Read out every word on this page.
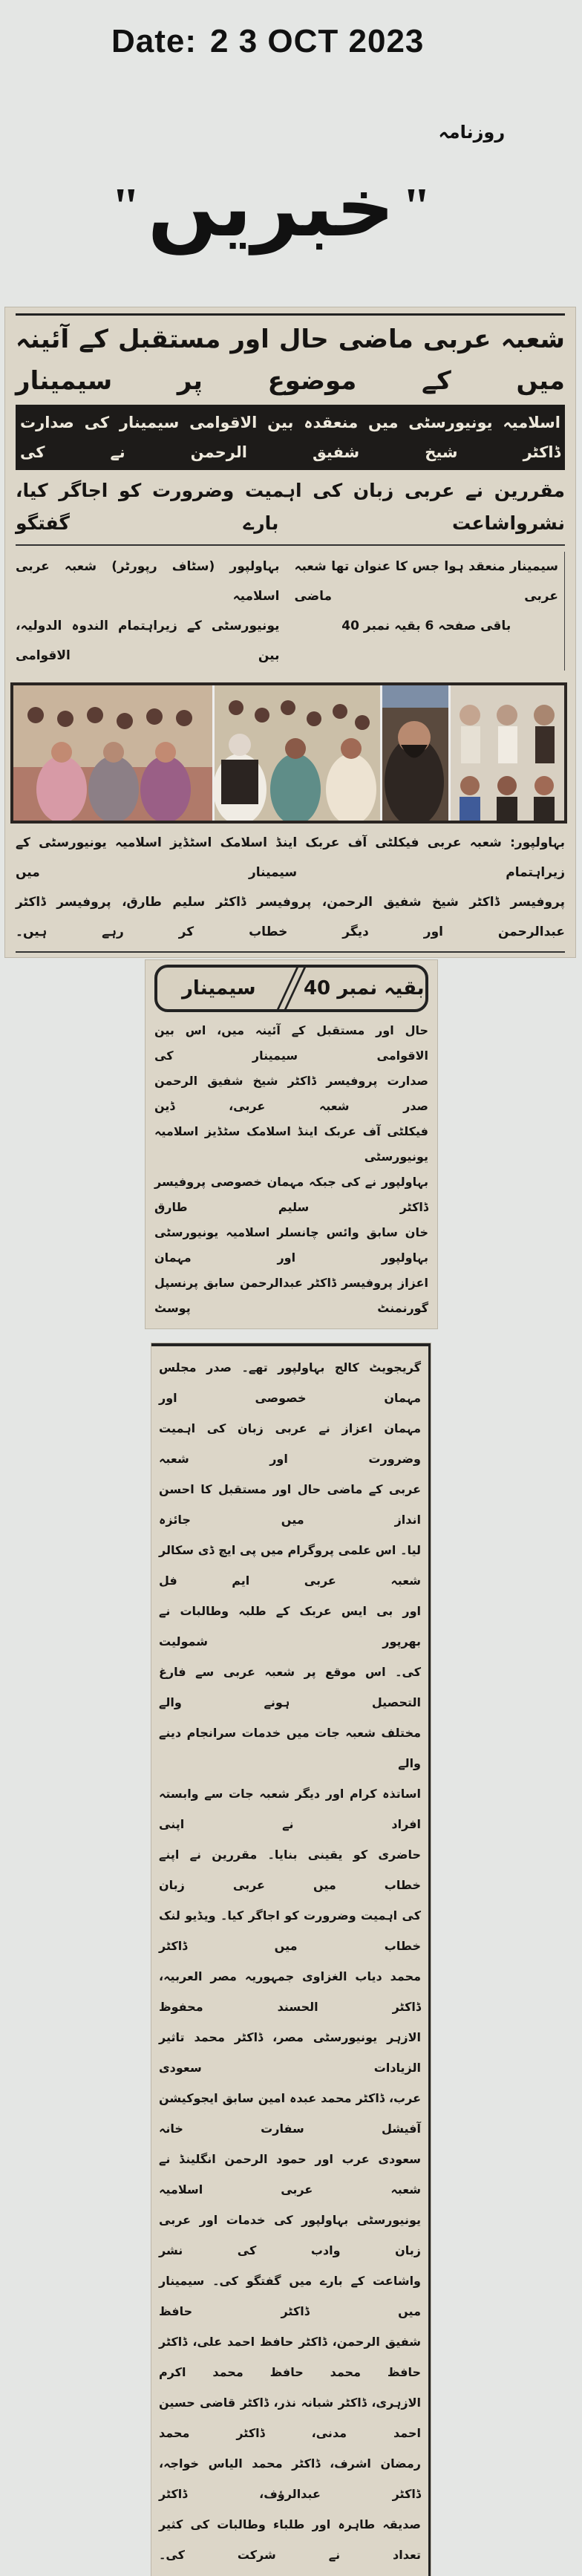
Date: 2 3 OCT 2023
" خبریں "
روزنامہ
شعبہ عربی ماضی حال اور مستقبل کے آئینہ میں کے موضوع پر سیمینار
اسلامیہ یونیورسٹی میں منعقدہ بین الاقوامی سیمینار کی صدارت ڈاکٹر شیخ شفیق الرحمن نے کی
مقررین نے عربی زبان کی اہمیت وضرورت کو اجاگر کیا، نشرواشاعت بارے گفتگو
بہاولپور (سٹاف رپورٹر) شعبہ عربی اسلامیہ
یونیورسٹی کے زیراہتمام الندوہ الدولیہ، بین الاقوامی
سیمینار منعقد ہوا جس کا عنوان تھا شعبہ عربی ماضی
باقی صفحہ 6 بقیہ نمبر 40
بہاولپور: شعبہ عربی فیکلٹی آف عربک اینڈ اسلامک اسٹڈیز اسلامیہ یونیورسٹی کے زیراہتمام سیمینار میں
پروفیسر ڈاکٹر شیخ شفیق الرحمن، پروفیسر ڈاکٹر سلیم طارق، پروفیسر ڈاکٹر عبدالرحمن اور دیگر خطاب کر رہے ہیں۔
بقیہ نمبر 40
سیمینار
حال اور مستقبل کے آئینہ میں، اس بین الاقوامی سیمینار کی
صدارت پروفیسر ڈاکٹر شیخ شفیق الرحمن صدر شعبہ عربی، ڈین
فیکلٹی آف عربک اینڈ اسلامک سٹڈیز اسلامیہ یونیورسٹی
بہاولپور نے کی جبکہ مہمان خصوصی پروفیسر ڈاکٹر سلیم طارق
خان سابق وائس چانسلر اسلامیہ یونیورسٹی بہاولپور اور مہمان
اعزاز پروفیسر ڈاکٹر عبدالرحمن سابق پرنسپل گورنمنٹ پوسٹ
گریجویٹ کالج بہاولپور تھے۔ صدر مجلس مہمان خصوصی اور
مہمان اعزاز نے عربی زبان کی اہمیت وضرورت اور شعبہ
عربی کے ماضی حال اور مستقبل کا احسن انداز میں جائزہ
لیا۔ اس علمی پروگرام میں پی ایچ ڈی سکالر شعبہ عربی ایم فل
اور بی ایس عربک کے طلبہ وطالبات نے بھرپور شمولیت
کی۔ اس موقع پر شعبہ عربی سے فارغ التحصیل ہونے والے
مختلف شعبہ جات میں خدمات سرانجام دینے والے
اساتذہ کرام اور دیگر شعبہ جات سے وابستہ افراد نے اپنی
حاضری کو یقینی بنایا۔ مقررین نے اپنے خطاب میں عربی زبان
کی اہمیت وضرورت کو اجاگر کیا۔ ویڈیو لنک خطاب میں ڈاکٹر
محمد دیاب الغزاوی جمہوریہ مصر العربیہ، ڈاکٹر الحسند محفوظ
الازہر یونیورسٹی مصر، ڈاکٹر محمد تاثیر الزیادات سعودی
عرب، ڈاکٹر محمد عبدہ امین سابق ایجوکیشن آفیشل سفارت خانہ
سعودی عرب اور حمود الرحمن انگلینڈ نے شعبہ عربی اسلامیہ
یونیورسٹی بہاولپور کی خدمات اور عربی زبان وادب کی نشر
واشاعت کے بارے میں گفتگو کی۔ سیمینار میں ڈاکٹر حافظ
شفیق الرحمن، ڈاکٹر حافظ احمد علی، ڈاکٹر حافظ محمد حافظ محمد اکرم
الازہری، ڈاکٹر شبانہ نذر، ڈاکٹر قاضی حسین احمد مدنی، ڈاکٹر محمد
رمضان اشرف، ڈاکٹر محمد الیاس خواجہ، ڈاکٹر عبدالرؤف، ڈاکٹر
صدیقہ طاہرہ اور طلباء وطالبات کی کثیر تعداد نے شرکت کی۔
